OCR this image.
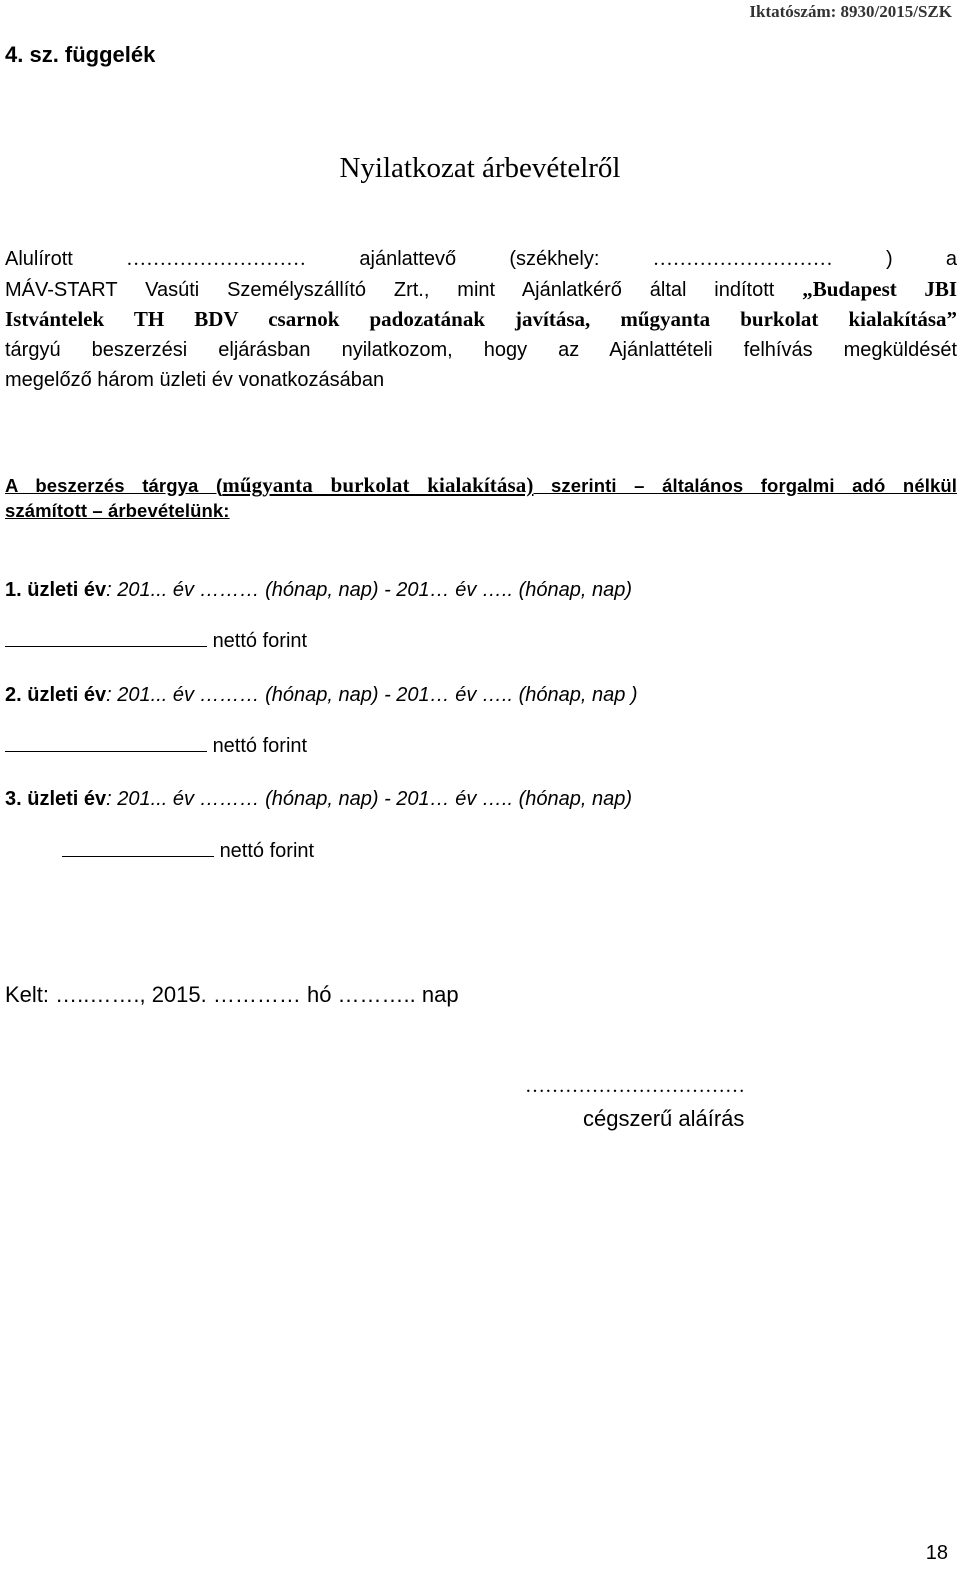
Iktatószám: 8930/2015/SZK
4. sz. függelék
Nyilatkozat árbevételről
Alulírott	………………………	ajánlattevő (székhely:	………………………	) a
MÁV-START Vasúti Személyszállító Zrt., mint Ajánlatkérő által indított „Budapest JBI
Istvántelek TH BDV csarnok padozatának javítása, műgyanta burkolat kialakítása”
tárgyú beszerzési eljárásban nyilatkozom, hogy az Ajánlattételi felhívás megküldését
megelőző három üzleti év vonatkozásában
A beszerzés tárgya (műgyanta burkolat kialakítása) szerinti – általános forgalmi adó nélkül
számított – árbevételünk:
1. üzleti év: 201... év ……… (hónap, nap) - 201… év ….. (hónap, nap)
nettó forint
2. üzleti év: 201... év ……… (hónap, nap) - 201… év ….. (hónap, nap )
nettó forint
3. üzleti év: 201... év ……… (hónap, nap) - 201… év ….. (hónap, nap)
nettó forint
Kelt: …..……., 2015. ………… hó ……….. nap
……………………………
cégszerű aláírás
18
